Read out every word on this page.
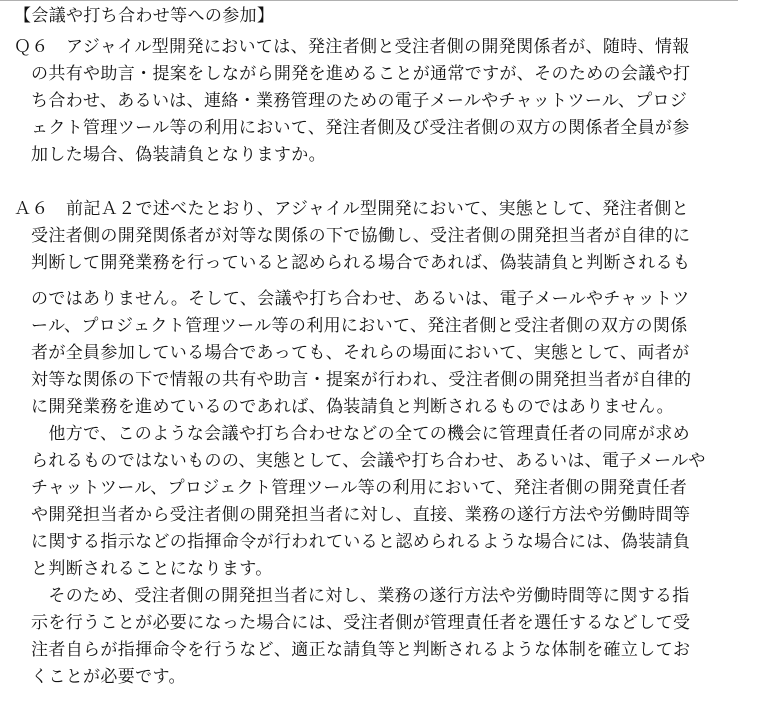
【会議や打ち合わせ等への参加】
Ｑ６　アジャイル型開発においては、発注者側と受注者側の開発関係者が、随時、情報
の共有や助言・提案をしながら開発を進めることが通常ですが、そのための会議や打
ち合わせ、あるいは、連絡・業務管理のための電子メールやチャットツール、プロジ
ェクト管理ツール等の利用において、発注者側及び受注者側の双方の関係者全員が参
加した場合、偽装請負となりますか。
Ａ６　前記Ａ２で述べたとおり、アジャイル型開発において、実態として、発注者側と
受注者側の開発関係者が対等な関係の下で協働し、受注者側の開発担当者が自律的に
判断して開発業務を行っていると認められる場合であれば、偽装請負と判断されるも
のではありません。そして、会議や打ち合わせ、あるいは、電子メールやチャットツ
ール、プロジェクト管理ツール等の利用において、発注者側と受注者側の双方の関係
者が全員参加している場合であっても、それらの場面において、実態として、両者が
対等な関係の下で情報の共有や助言・提案が行われ、受注者側の開発担当者が自律的
に開発業務を進めているのであれば、偽装請負と判断されるものではありません。
　他方で、このような会議や打ち合わせなどの全ての機会に管理責任者の同席が求め
られるものではないものの、実態として、会議や打ち合わせ、あるいは、電子メールや
チャットツール、プロジェクト管理ツール等の利用において、発注者側の開発責任者
や開発担当者から受注者側の開発担当者に対し、直接、業務の遂行方法や労働時間等
に関する指示などの指揮命令が行われていると認められるような場合には、偽装請負
と判断されることになります。
　そのため、受注者側の開発担当者に対し、業務の遂行方法や労働時間等に関する指
示を行うことが必要になった場合には、受注者側が管理責任者を選任するなどして受
注者自らが指揮命令を行うなど、適正な請負等と判断されるような体制を確立してお
くことが必要です。
